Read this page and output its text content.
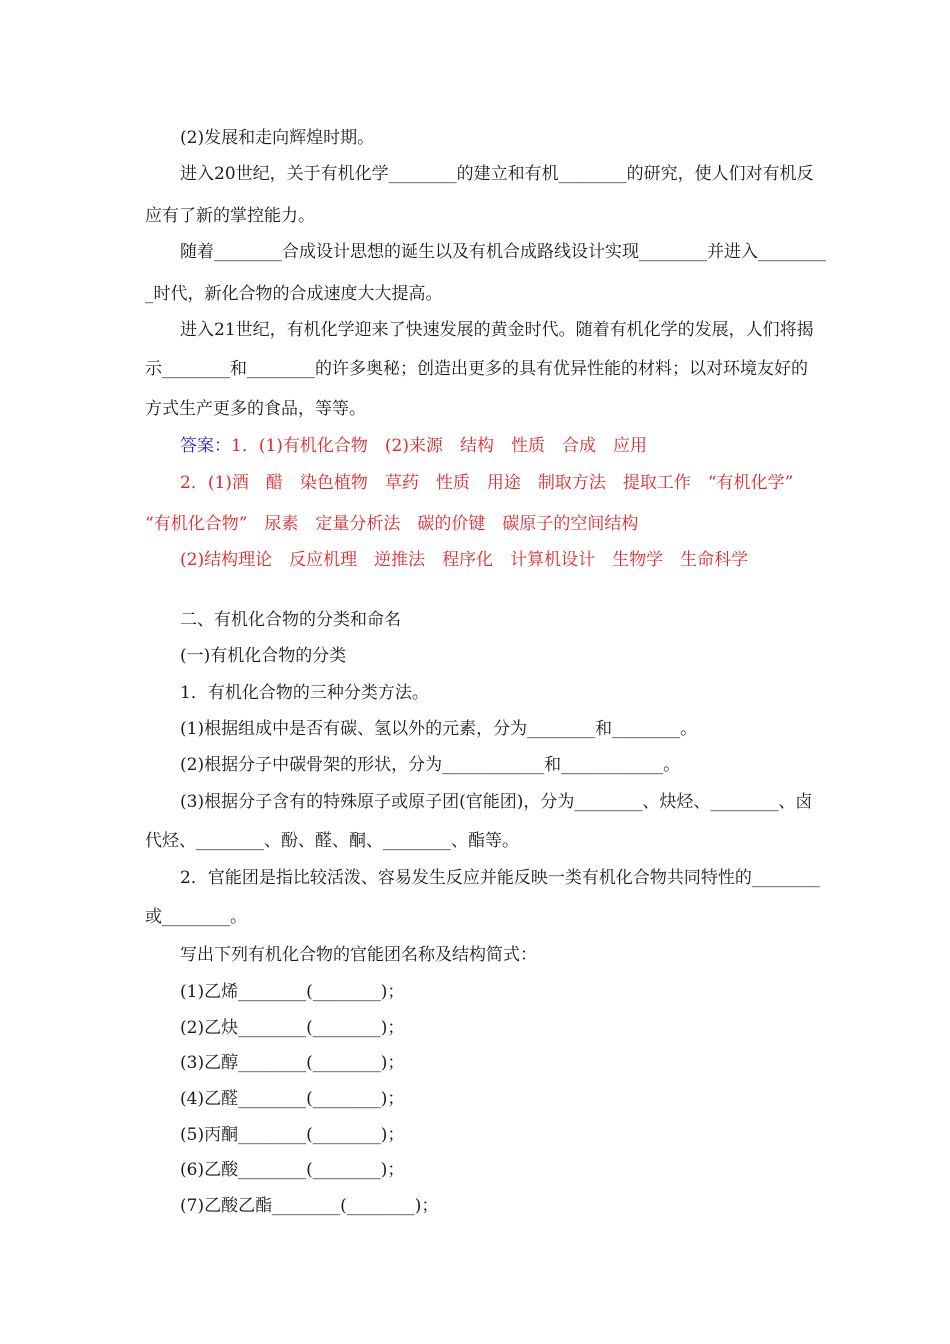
(2)发展和走向辉煌时期。
进入20世纪，关于有机化学________的建立和有机________的研究，使人们对有机反
应有了新的掌控能力。
随着________合成设计思想的诞生以及有机合成路线设计实现________并进入________
_时代，新化合物的合成速度大大提高。
进入21世纪，有机化学迎来了快速发展的黄金时代。随着有机化学的发展，人们将揭
示________和________的许多奥秘；创造出更多的具有优异性能的材料；以对环境友好的
方式生产更多的食品，等等。
答案：1．(1)有机化合物　(2)来源　结构　性质　合成　应用
2．(1)酒　醋　染色植物　草药　性质　用途　制取方法　提取工作　“有机化学”
“有机化合物”　尿素　定量分析法　碳的价键　碳原子的空间结构
(2)结构理论　反应机理　逆推法　程序化　计算机设计　生物学　生命科学
二、有机化合物的分类和命名
(一)有机化合物的分类
1．有机化合物的三种分类方法。
(1)根据组成中是否有碳、氢以外的元素，分为________和________。
(2)根据分子中碳骨架的形状，分为____________和____________。
(3)根据分子含有的特殊原子或原子团(官能团)，分为________、炔烃、________、卤
代烃、________、酚、醛、酮、________、酯等。
2．官能团是指比较活泼、容易发生反应并能反映一类有机化合物共同特性的________
或________。
写出下列有机化合物的官能团名称及结构简式：
(1)乙烯________(________)；
(2)乙炔________(________)；
(3)乙醇________(________)；
(4)乙醛________(________)；
(5)丙酮________(________)；
(6)乙酸________(________)；
(7)乙酸乙酯________(________)；
